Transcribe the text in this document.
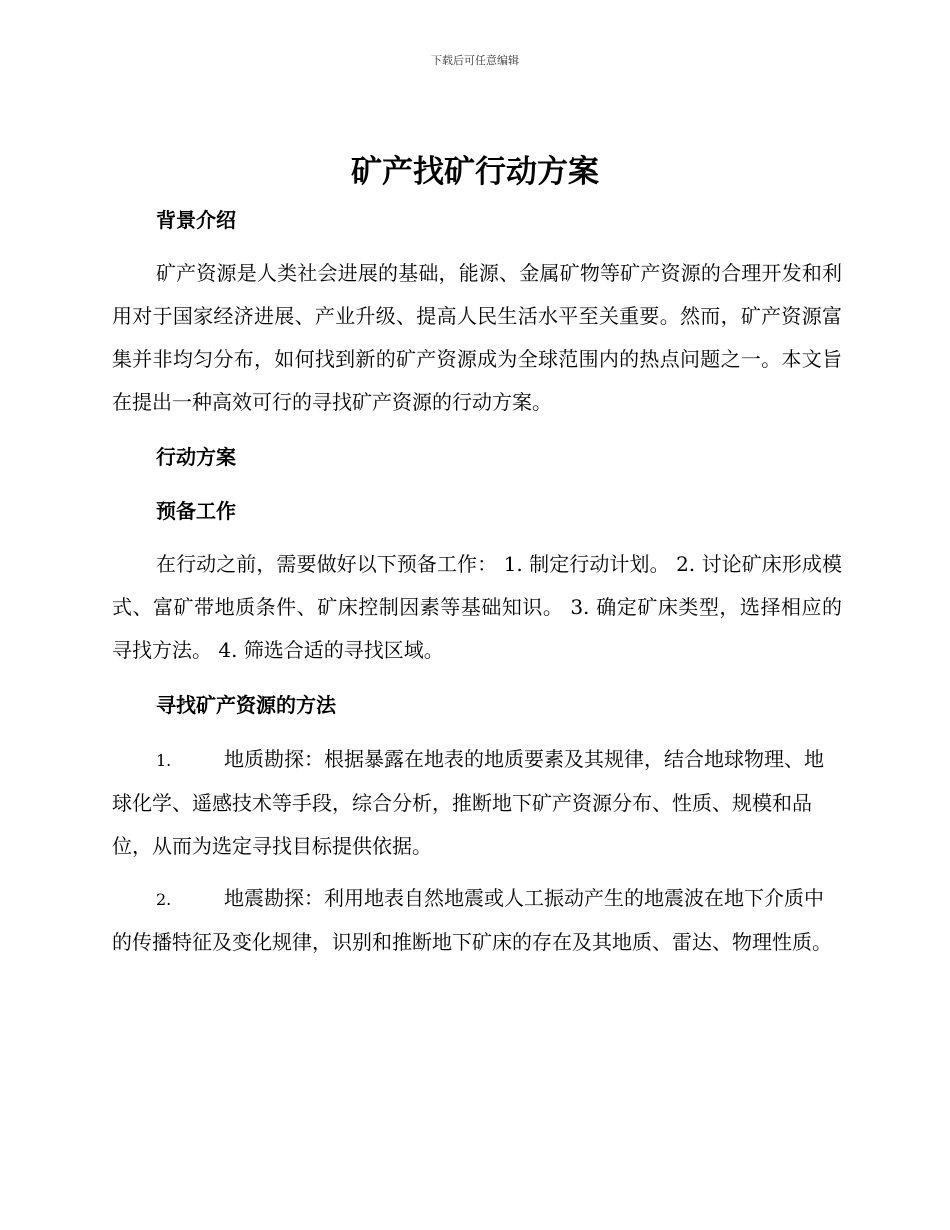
下载后可任意编辑
矿产找矿行动方案
背景介绍

矿产资源是人类社会进展的基础，能源、金属矿物等矿产资源的合理开发和利用对于国家经济进展、产业升级、提高人民生活水平至关重要。然而，矿产资源富集并非均匀分布，如何找到新的矿产资源成为全球范围内的热点问题之一。本文旨在提出一种高效可行的寻找矿产资源的行动方案。

行动方案
预备工作

在行动之前，需要做好以下预备工作： 1. 制定行动计划。 2. 讨论矿床形成模式、富矿带地质条件、矿床控制因素等基础知识。 3. 确定矿床类型，选择相应的寻找方法。 4. 筛选合适的寻找区域。

寻找矿产资源的方法
1.	地质勘探：根据暴露在地表的地质要素及其规律，结合地球物理、地球化学、遥感技术等手段，综合分析，推断地下矿产资源分布、性质、规模和品位，从而为选定寻找目标提供依据。
2.	地震勘探：利用地表自然地震或人工振动产生的地震波在地下介质中的传播特征及变化规律，识别和推断地下矿床的存在及其地质、雷达、物理性质。
